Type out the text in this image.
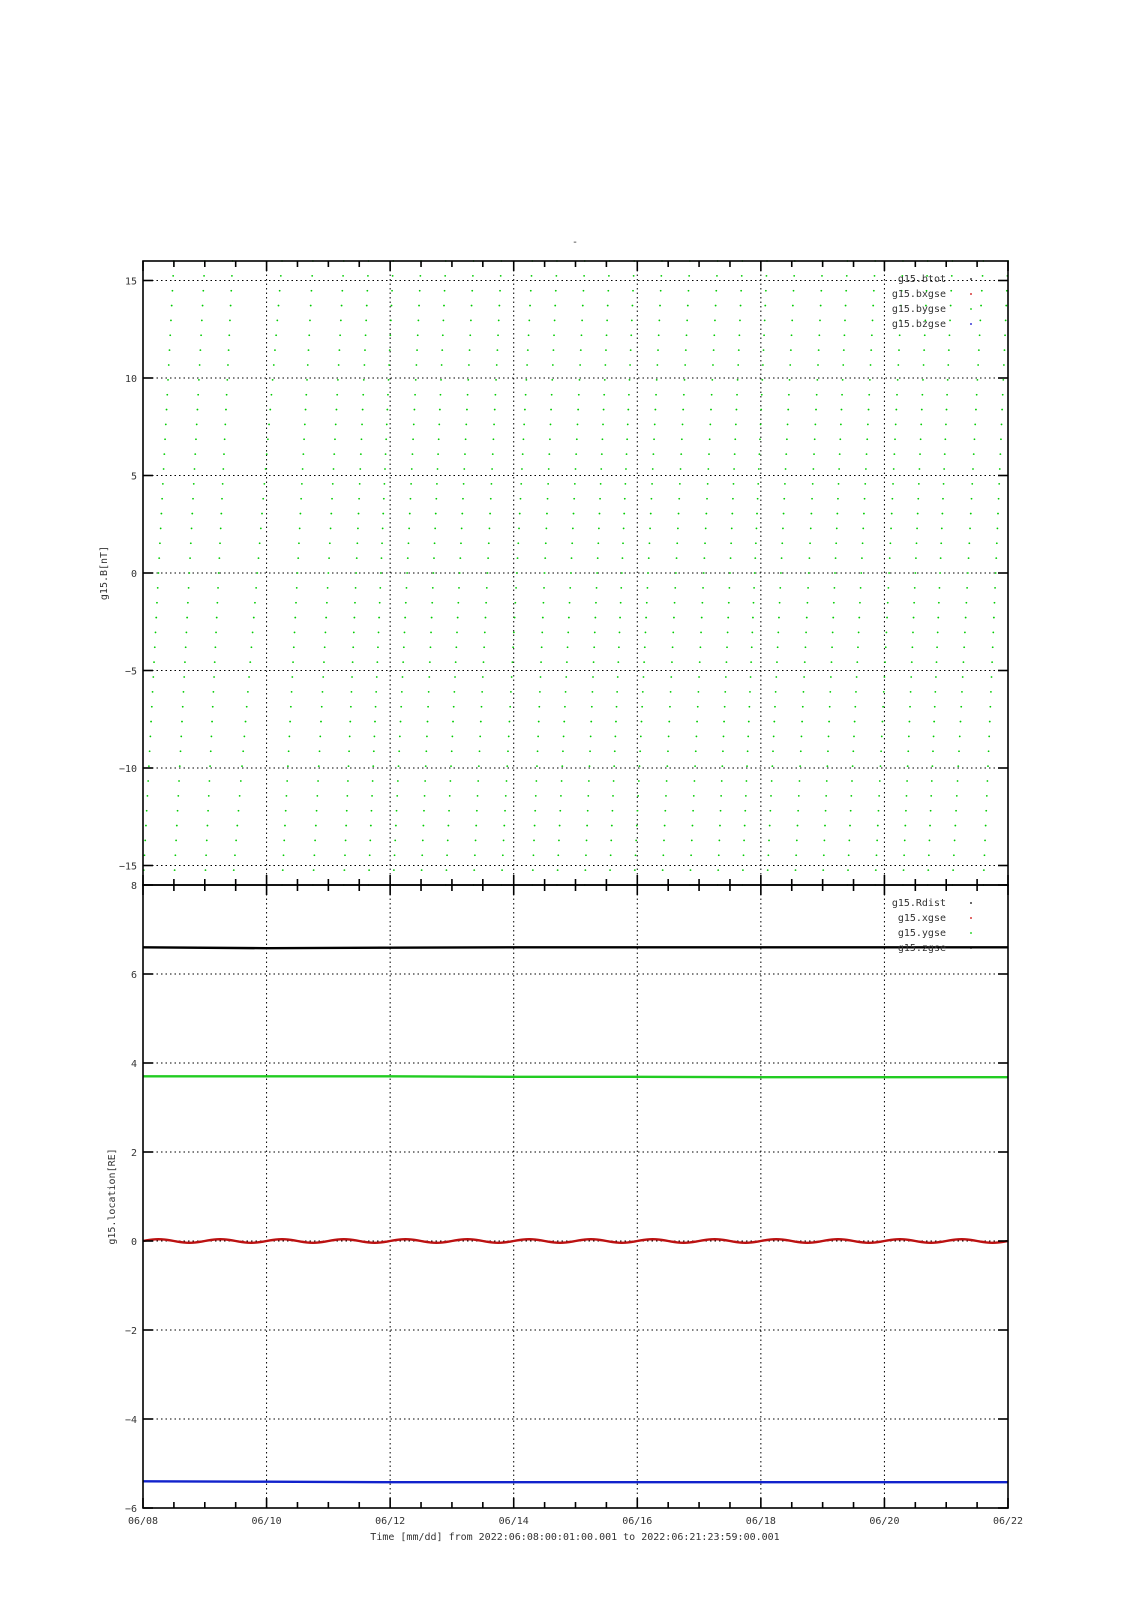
-
−15
−10
−5
0
5
10
15
g15.B[nT]
g15.btot
g15.bxgse
g15.bygse
g15.bzgse
−6
−4
−2
0
2
4
6
8
g15.location[RE]
g15.Rdist
g15.xgse
g15.ygse
g15.zgse
06/08	06/10	06/12	06/14	06/16	06/18	06/20	06/22
Time [mm/dd] from 2022:06:08:00:01:00.001 to 2022:06:21:23:59:00.001
